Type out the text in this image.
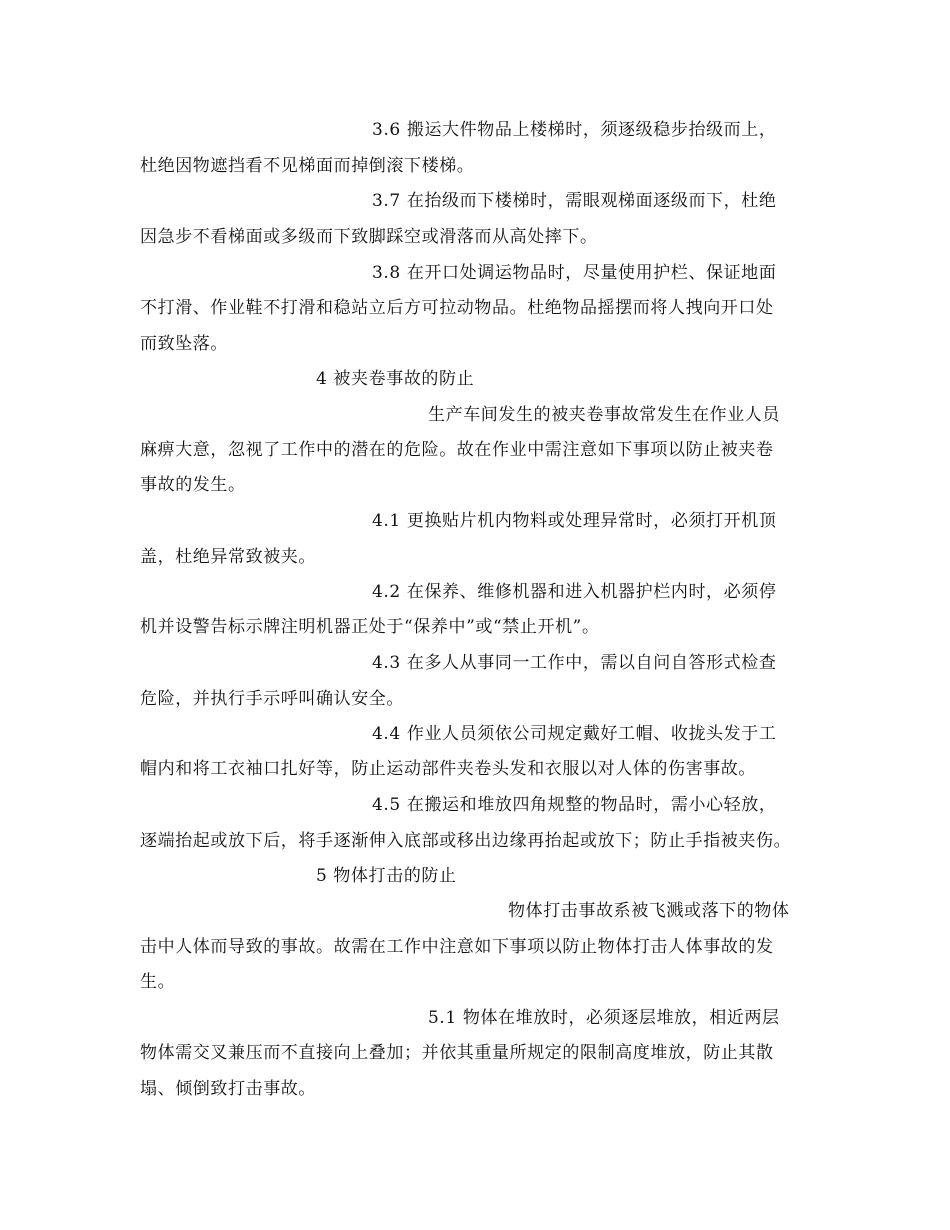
3.6 搬运大件物品上楼梯时，须逐级稳步抬级而上，
杜绝因物遮挡看不见梯面而掉倒滚下楼梯。
3.7 在抬级而下楼梯时，需眼观梯面逐级而下，杜绝
因急步不看梯面或多级而下致脚踩空或滑落而从高处摔下。
3.8 在开口处调运物品时，尽量使用护栏、保证地面
不打滑、作业鞋不打滑和稳站立后方可拉动物品。杜绝物品摇摆而将人拽向开口处
而致坠落。
4 被夹卷事故的防止
生产车间发生的被夹卷事故常发生在作业人员
麻痹大意，忽视了工作中的潜在的危险。故在作业中需注意如下事项以防止被夹卷
事故的发生。
4.1 更换贴片机内物料或处理异常时，必须打开机顶
盖，杜绝异常致被夹。
4.2 在保养、维修机器和进入机器护栏内时，必须停
机并设警告标示牌注明机器正处于“保养中”或“禁止开机”。
4.3 在多人从事同一工作中，需以自问自答形式检查
危险，并执行手示呼叫确认安全。
4.4 作业人员须依公司规定戴好工帽、收拢头发于工
帽内和将工衣袖口扎好等，防止运动部件夹卷头发和衣服以对人体的伤害事故。
4.5 在搬运和堆放四角规整的物品时，需小心轻放，
逐端抬起或放下后，将手逐渐伸入底部或移出边缘再抬起或放下；防止手指被夹伤。
5 物体打击的防止
物体打击事故系被飞溅或落下的物体
击中人体而导致的事故。故需在工作中注意如下事项以防止物体打击人体事故的发
生。
5.1 物体在堆放时，必须逐层堆放，相近两层
物体需交叉兼压而不直接向上叠加；并依其重量所规定的限制高度堆放，防止其散
塌、倾倒致打击事故。
